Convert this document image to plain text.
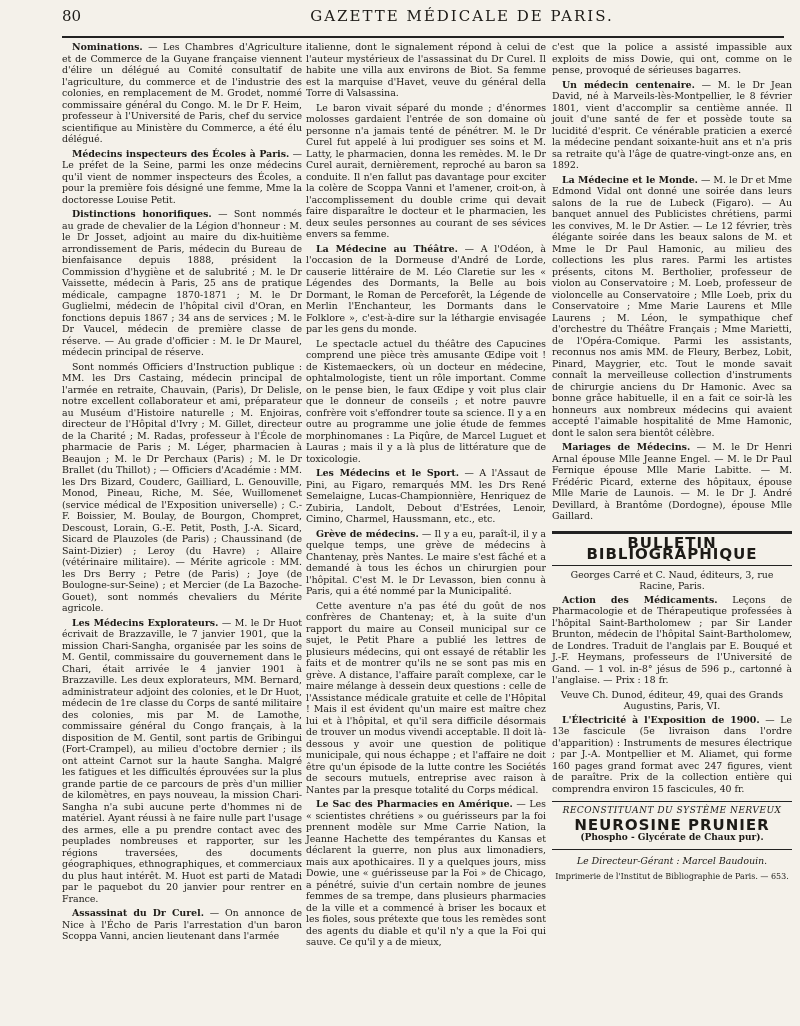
80	GAZETTE MÉDICALE DE PARIS.

Nominations. — Les Chambres d'Agriculture et de Commerce de la Guyane française viennent d'élire un délégué au Comité consultatif de l'agriculture, du commerce et de l'industrie des colonies, en remplacement de M. Grodet, nommé commissaire général du Congo. M. le Dr F. Heim, professeur à l'Université de Paris, chef du service scientifique au Ministère du Commerce, a été élu délégué.

Médecins inspecteurs des Écoles à Paris. — Le préfet de la Seine, parmi les onze médecins qu'il vient de nommer inspecteurs des Écoles, a pour la première fois désigné une femme, Mme la doctoresse Louise Petit.

Distinctions honorifiques. — Sont nommés au grade de chevalier de la Légion d'honneur : M. le Dr Josset, adjoint au maire du dix-huitième arrondissement de Paris, médecin du Bureau de bienfaisance depuis 1888, président la Commission d'hygiène et de salubrité ; M. le Dr Vaissette, médecin à Paris, 25 ans de pratique médicale, campagne 1870-1871 ; M. le Dr Guglielmi, médecin de l'hôpital civil d'Oran, en fonctions depuis 1867 ; 34 ans de services ; M. le Dr Vaucel, médecin de première classe de réserve. — Au grade d'officier : M. le Dr Maurel, médecin principal de réserve.

Sont nommés Officiers d'Instruction publique : MM. les Drs Castaing, médecin principal de l'armée en retraite, Chauvain, (Paris), Dr Delisle, notre excellent collaborateur et ami, préparateur au Muséum d'Histoire naturelle ; M. Enjoiras, directeur de l'Hôpital d'Ivry ; M. Gillet, directeur de la Charité ; M. Radas, professeur à l'École de pharmacie de Paris ; M. Léger, pharmacien à Beaujon ; M. le Dr Perchaux (Paris) ; M. le Dr Brallet (du Thillot) ; — Officiers d'Académie : MM. les Drs Bizard, Couderc, Gailliard, L. Genouville, Monod, Pineau, Riche, M. Sée, Wuillomenet (service médical de l'Exposition universelle) ; C.-F. Boissier, M. Boulay, de Bourgon, Chompret, Descoust, Lorain, G.-E. Petit, Posth, J.-A. Sicard, Sicard de Plauzoles (de Paris) ; Chaussinand (de Saint-Dizier) ; Leroy (du Havre) ; Allaire (vétérinaire militaire). — Mérite agricole : MM. les Drs Berry ; Petre (de Paris) ; Joye (de Boulogne-sur-Seine) ; et Mercier (de La Bazoche-Gouet), sont nommés chevaliers du Mérite agricole.

Les Médecins Explorateurs. — M. le Dr Huot écrivait de Brazzaville, le 7 janvier 1901, que la mission Chari-Sangha, organisée par les soins de M. Gentil, commissaire du gouvernement dans le Chari, était arrivée le 4 janvier 1901 à Brazzaville. Les deux explorateurs, MM. Bernard, administrateur adjoint des colonies, et le Dr Huot, médecin de 1re classe du Corps de santé militaire des colonies, mis par M. de Lamothe, commissaire général du Congo français, à la disposition de M. Gentil, sont partis de Gribingui (Fort-Crampel), au milieu d'octobre dernier ; ils ont atteint Carnot sur la haute Sangha. Malgré les fatigues et les difficultés éprouvées sur la plus grande partie de ce parcours de près d'un millier de kilomètres, en pays nouveau, la mission Chari-Sangha n'a subi aucune perte d'hommes ni de matériel. Ayant réussi à ne faire nulle part l'usage des armes, elle a pu prendre contact avec des peuplades nombreuses et rapporter, sur les régions traversées, des documents géographiques, ethnographiques, et commerciaux du plus haut intérêt. M. Huot est parti de Matadi par le paquebot du 20 janvier pour rentrer en France.

Assassinat du Dr Curel. — On annonce de Nice à l'Écho de Paris l'arrestation d'un baron Scoppa Vanni, ancien lieutenant dans l'armée

italienne, dont le signalement répond à celui de l'auteur mystérieux de l'assassinat du Dr Curel. Il habite une villa aux environs de Biot. Sa femme est la marquise d'Havet, veuve du général della Torre di Valsassina.

Le baron vivait séparé du monde ; d'énormes molosses gardaient l'entrée de son domaine où personne n'a jamais tenté de pénétrer. M. le Dr Curel fut appelé à lui prodiguer ses soins et M. Latty, le pharmacien, donna les remèdes. M. le Dr Curel aurait, dernièrement, reproché au baron sa conduite. Il n'en fallut pas davantage pour exciter la colère de Scoppa Vanni et l'amener, croit-on, à l'accomplissement du double crime qui devait faire disparaître le docteur et le pharmacien, les deux seules personnes au courant de ses sévices envers sa femme.

La Médecine au Théâtre. — A l'Odéon, à l'occasion de la Dormeuse d'André de Lorde, causerie littéraire de M. Léo Claretie sur les « Légendes des Dormants, la Belle au bois Dormant, le Roman de Perceforêt, la Légende de Merlin l'Enchanteur, les Dormants dans le Folklore », c'est-à-dire sur la léthargie envisagée par les gens du monde.

Le spectacle actuel du théâtre des Capucines comprend une pièce très amusante Œdipe voit ! de Kistemaeckers, où un docteur en médecine, ophtalmologiste, tient un rôle important. Comme on le pense bien, le faux Œdipe y voit plus clair que le donneur de conseils ; et notre pauvre confrère voit s'effondrer toute sa science. Il y a en outre au programme une jolie étude de femmes morphinomanes : La Piqûre, de Marcel Luguet et Lauras ; mais il y a là plus de littérature que de toxicologie.

Les Médecins et le Sport. — A l'Assaut de Pini, au Figaro, remarqués MM. les Drs René Semelaigne, Lucas-Championnière, Henriquez de Zubiria, Landolt, Debout d'Estrées, Lenoir, Cimino, Charmel, Haussmann, etc., etc.

Grève de médecins. — Il y a eu, paraît-il, il y a quelque temps, une grève de médecins à Chantenay, près Nantes. Le maire s'est fâché et a demandé à tous les échos un chirurgien pour l'hôpital. C'est M. le Dr Levasson, bien connu à Paris, qui a été nommé par la Municipalité.

Cette aventure n'a pas été du goût de nos confrères de Chantenay; et, à la suite d'un rapport du maire au Conseil municipal sur ce sujet, le Petit Phare a publié les lettres de plusieurs médecins, qui ont essayé de rétablir les faits et de montrer qu'ils ne se sont pas mis en grève. A distance, l'affaire paraît complexe, car le maire mélange à dessein deux questions : celle de l'Assistance médicale gratuite et celle de l'Hôpital ! Mais il est évident qu'un maire est maître chez lui et à l'hôpital, et qu'il sera difficile désormais de trouver un modus vivendi acceptable. Il doit là-dessous y avoir une question de politique municipale, qui nous échappe ; et l'affaire ne doit être qu'un épisode de la lutte contre les Sociétés de secours mutuels, entreprise avec raison à Nantes par la presque totalité du Corps médical.

Le Sac des Pharmacies en Amérique. — Les « scientistes chrétiens » ou guérisseurs par la foi prennent modèle sur Mme Carrie Nation, la Jeanne Hachette des tempérantes du Kansas et déclarent la guerre, non plus aux limonadiers, mais aux apothicaires. Il y a quelques jours, miss Dowie, une « guérisseuse par la Foi » de Chicago, a pénétré, suivie d'un certain nombre de jeunes femmes de sa trempe, dans plusieurs pharmacies de la ville et a commencé à briser les bocaux et les fioles, sous prétexte que tous les remèdes sont des agents du diable et qu'il n'y a que la Foi qui sauve. Ce qu'il y a de mieux,

c'est que la police a assisté impassible aux exploits de miss Dowie, qui ont, comme on le pense, provoqué de sérieuses bagarres.

Un médecin centenaire. — M. le Dr Jean David, né à Marveils-lès-Montpellier, le 8 février 1801, vient d'accomplir sa centième année. Il jouit d'une santé de fer et possède toute sa lucidité d'esprit. Ce vénérable praticien a exercé la médecine pendant soixante-huit ans et n'a pris sa retraite qu'à l'âge de quatre-vingt-onze ans, en 1892.

La Médecine et le Monde. — M. le Dr et Mme Edmond Vidal ont donné une soirée dans leurs salons de la rue de Lubeck (Figaro). — Au banquet annuel des Publicistes chrétiens, parmi les convives, M. le Dr Astier. — Le 12 février, très élégante soirée dans les beaux salons de M. et Mme le Dr Paul Hamonic, au milieu des collections les plus rares. Parmi les artistes présents, citons M. Bertholier, professeur de violon au Conservatoire ; M. Loeb, professeur de violoncelle au Conservatoire ; Mlle Loeb, prix du Conservatoire ; Mme Marie Laurens et Mlle Laurens ; M. Léon, le sympathique chef d'orchestre du Théâtre Français ; Mme Marietti, de l'Opéra-Comique. Parmi les assistants, reconnus nos amis MM. de Fleury, Berbez, Lobit, Pinard, Maygrier, etc. Tout le monde savait connaît la merveilleuse collection d'instruments de chirurgie anciens du Dr Hamonic. Avec sa bonne grâce habituelle, il en a fait ce soir-là les honneurs aux nombreux médecins qui avaient accepté l'aimable hospitalité de Mme Hamonic, dont le salon sera bientôt célèbre.

Mariages de Médecins. — M. le Dr Henri Arnal épouse Mlle Jeanne Engel. — M. le Dr Paul Fernique épouse Mlle Marie Labitte. — M. Frédéric Picard, externe des hôpitaux, épouse Mlle Marie de Launois. — M. le Dr J. André Devillard, à Brantôme (Dordogne), épouse Mlle Gaillard.

BULLETIN BIBLIOGRAPHIQUE

Georges Carré et C. Naud, éditeurs, 3, rue Racine, Paris.

Action des Médicaments. Leçons de Pharmacologie et de Thérapeutique professées à l'hôpital Saint-Bartholomew ; par Sir Lander Brunton, médecin de l'hôpital Saint-Bartholomew, de Londres. Traduit de l'anglais par E. Bouqué et J.-F. Heymans, professeurs de l'Université de Gand. — 1 vol. in-8° jésus de 596 p., cartonné à l'anglaise. — Prix : 18 fr.

Veuve Ch. Dunod, éditeur, 49, quai des Grands Augustins, Paris, VI.

L'Électricité à l'Exposition de 1900. — Le 13e fascicule (5e livraison dans l'ordre d'apparition) : Instruments de mesures électrique ; par J.-A. Montpellier et M. Aliamet, qui forme 160 pages grand format avec 247 figures, vient de paraître. Prix de la collection entière qui comprendra environ 15 fascicules, 40 fr.

RECONSTITUANT DU SYSTÈME NERVEUX
NEUROSINE PRUNIER
(Phospho - Glycérate de Chaux pur).

Le Directeur-Gérant : Marcel Baudouin.

Imprimerie de l'Institut de Bibliographie de Paris. — 653.
